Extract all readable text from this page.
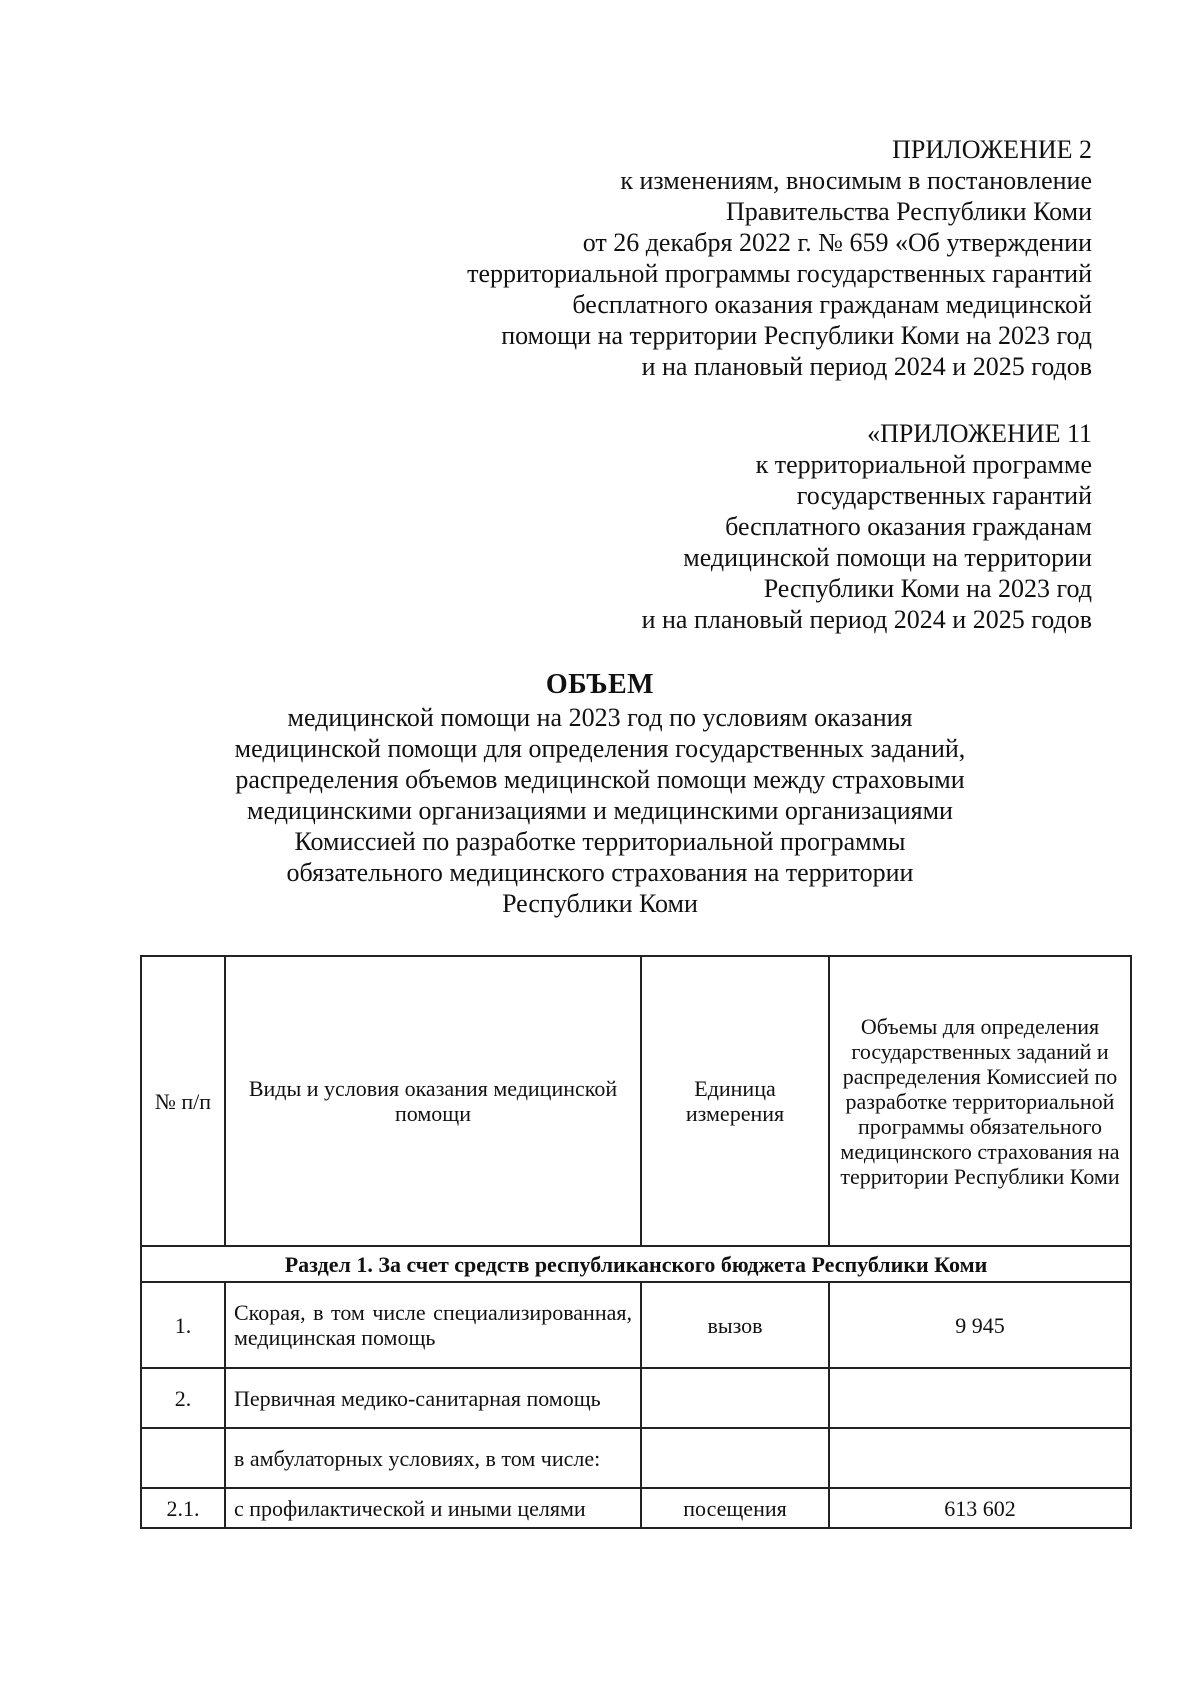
ПРИЛОЖЕНИЕ 2
к изменениям, вносимым в постановление
Правительства Республики Коми
от 26 декабря 2022 г. № 659 «Об утверждении
территориальной программы государственных гарантий
бесплатного оказания гражданам медицинской
помощи на территории Республики Коми на 2023 год
и на плановый период 2024 и 2025 годов
«ПРИЛОЖЕНИЕ 11
к территориальной программе
государственных гарантий
бесплатного оказания гражданам
медицинской помощи на территории
Республики Коми на 2023 год
и на плановый период 2024 и 2025 годов
ОБЪЕМ
медицинской помощи на 2023 год по условиям оказания
медицинской помощи для определения государственных заданий,
распределения объемов медицинской помощи между страховыми
медицинскими организациями и медицинскими организациями
Комиссией по разработке территориальной программы
обязательного медицинского страхования на территории
Республики Коми
№ п/п	Виды и условия оказания медицинской помощи	Единица измерения	Объемы для определения государственных заданий и распределения Комиссией по разработке территориальной программы обязательного медицинского страхования на территории Республики Коми
Раздел 1. За счет средств республиканского бюджета Республики Коми			
1.	Скорая, в том числе специализированная, медицинская помощь	вызов	9 945
2.	Первичная медико-санитарная помощь		
	в амбулаторных условиях, в том числе:		
2.1.	с профилактической и иными целями	посещения	613 602
